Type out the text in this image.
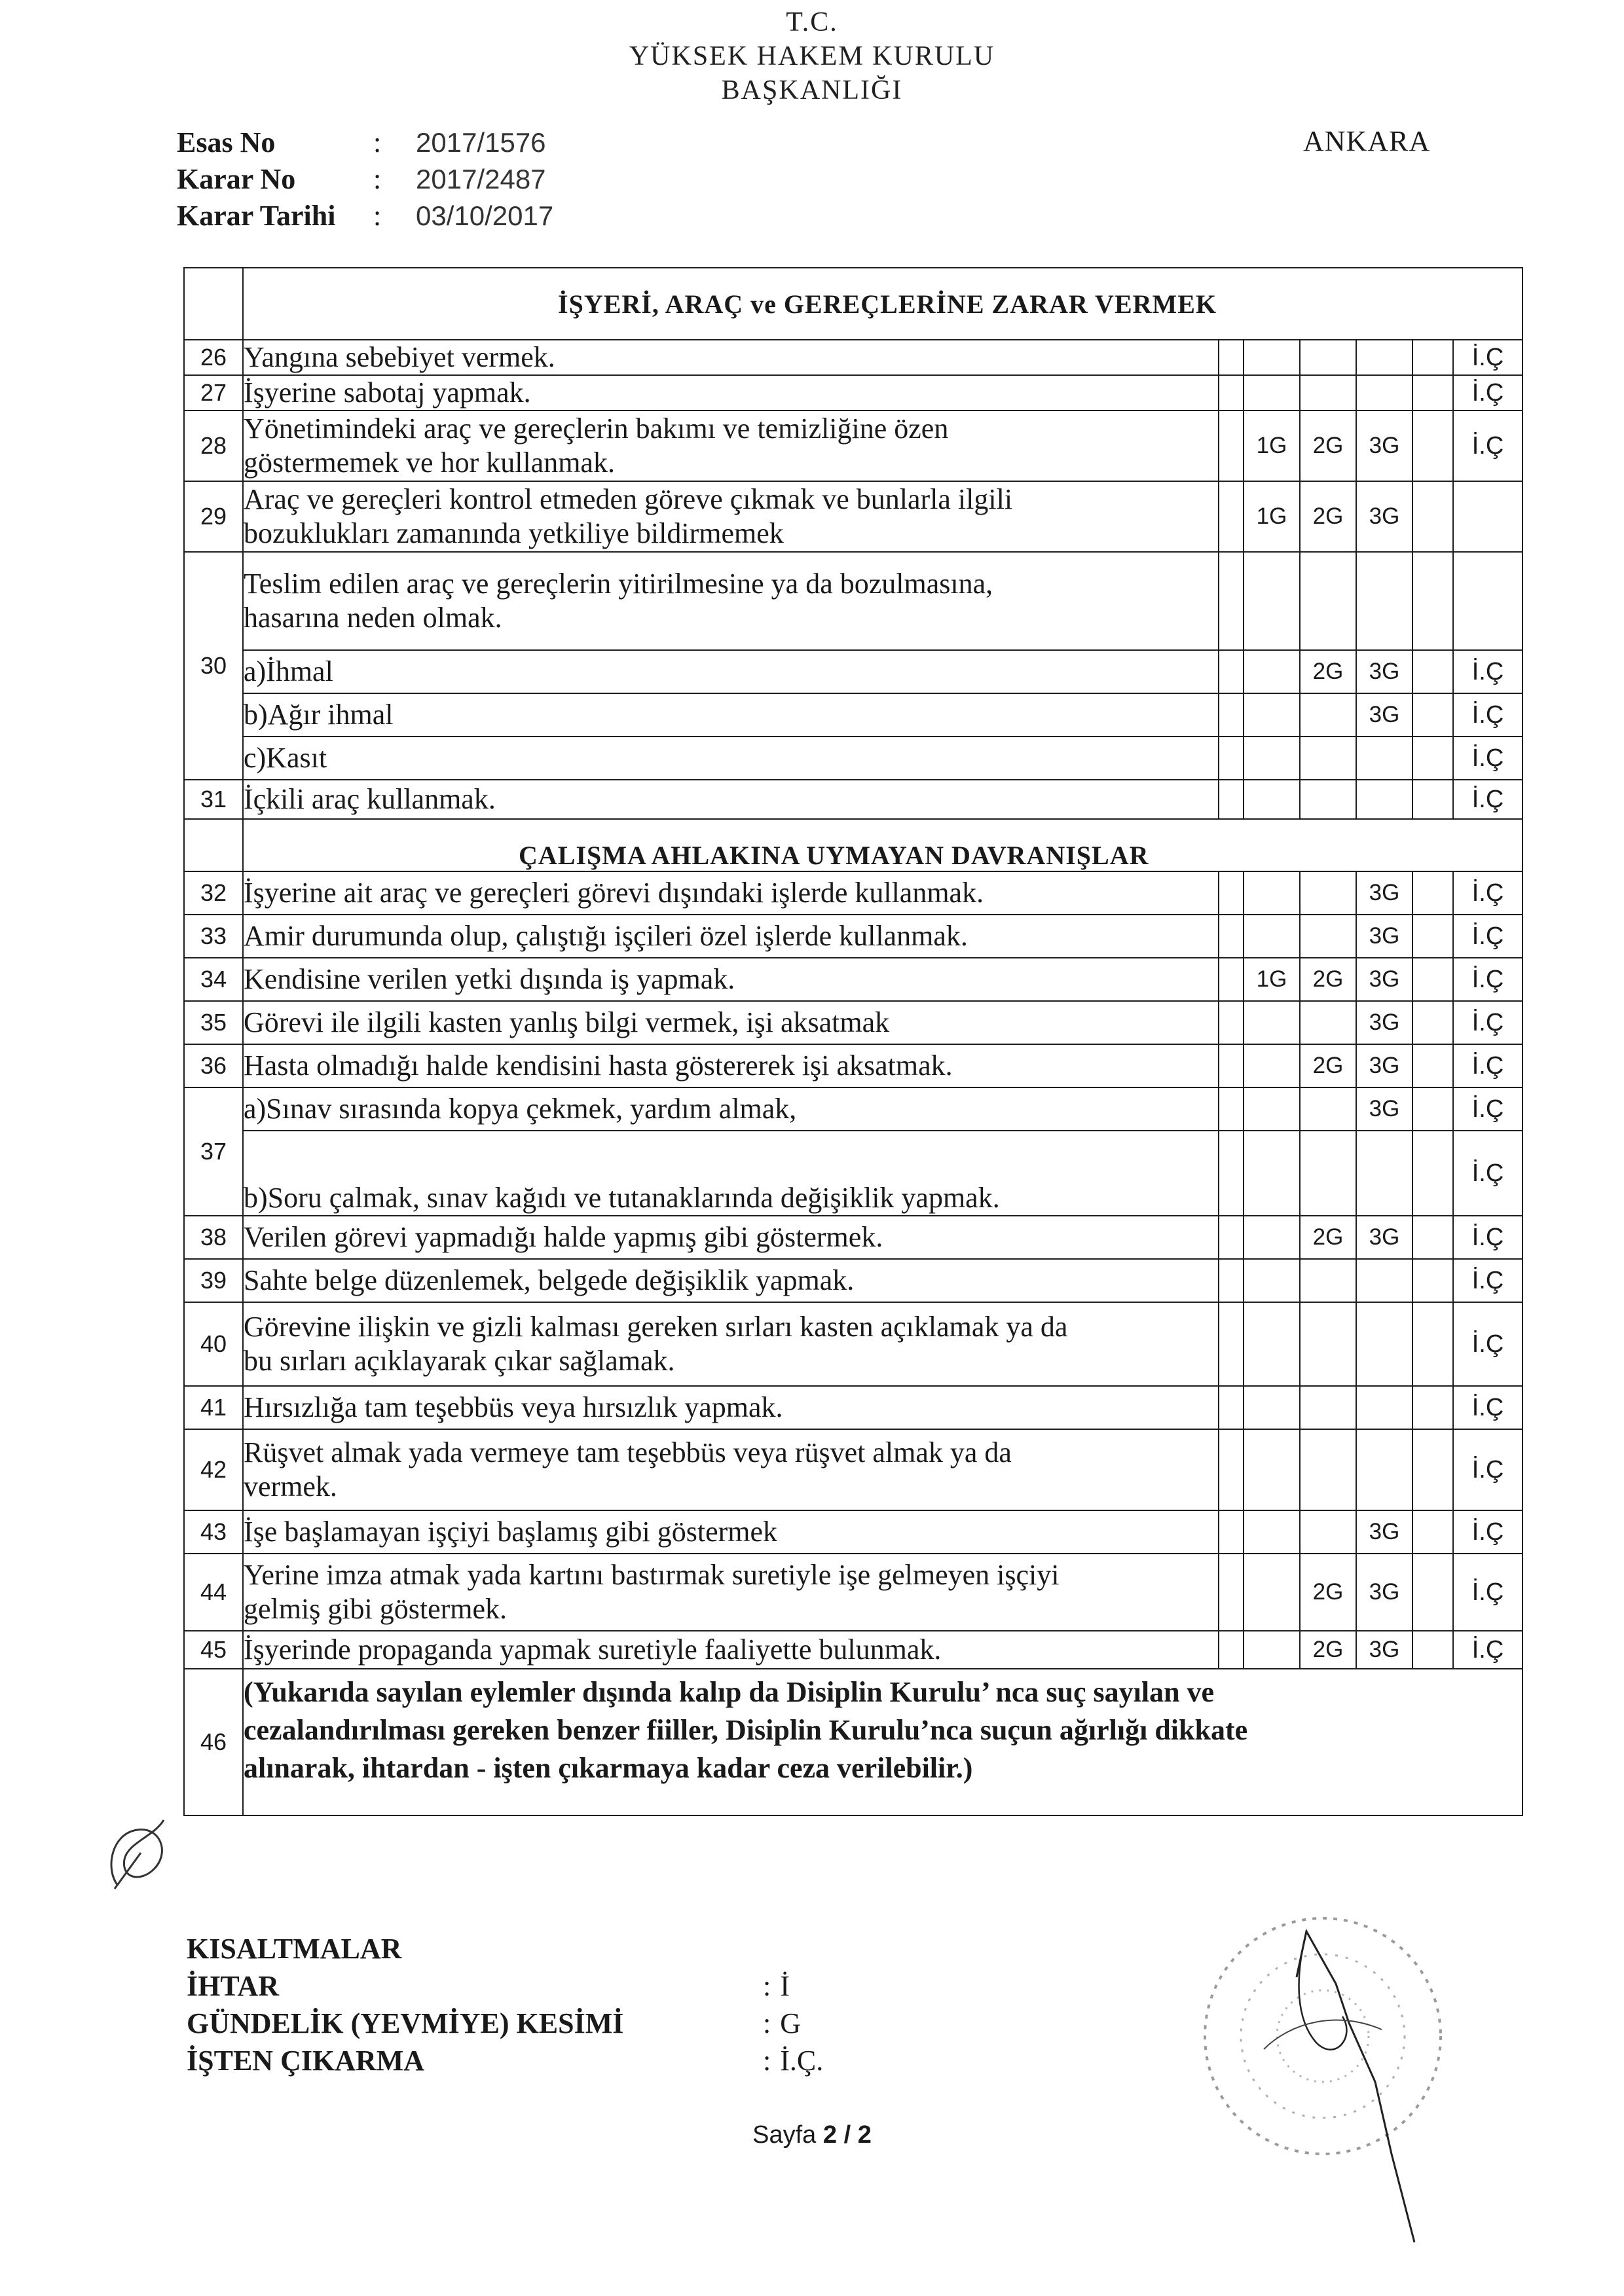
T.C.
YÜKSEK HAKEM KURULU
BAŞKANLIĞI
ANKARA
Esas No	:	2017/1576
Karar No	:	2017/2487
Karar Tarihi	:	03/10/2017
	İŞYERİ, ARAÇ ve GEREÇLERİNE ZARAR VERMEK						
26	Yangına sebebiyet vermek.						İ.Ç
27	İşyerine sabotaj yapmak.						İ.Ç
28	Yönetimindeki araç ve gereçlerin bakımı ve temizliğine özen
göstermemek ve hor kullanmak.		1G	2G	3G		İ.Ç
29	Araç ve gereçleri kontrol etmeden göreve çıkmak ve bunlarla ilgili
bozuklukları zamanında yetkiliye bildirmemek		1G	2G	3G		
30	Teslim edilen araç ve gereçlerin yitirilmesine ya da bozulmasına,
hasarına neden olmak.						

	a)İhmal			2G	3G		İ.Ç
	b)Ağır ihmal				3G		İ.Ç
	c)Kasıt						İ.Ç
31	İçkili araç kullanmak.						İ.Ç
	ÇALIŞMA AHLAKINA UYMAYAN DAVRANIŞLAR						
32	İşyerine ait araç ve gereçleri görevi dışındaki işlerde kullanmak.				3G		İ.Ç
33	Amir durumunda olup, çalıştığı işçileri özel işlerde kullanmak.				3G		İ.Ç
34	Kendisine verilen yetki dışında iş yapmak.		1G	2G	3G		İ.Ç
35	Görevi ile ilgili kasten yanlış bilgi vermek, işi aksatmak				3G		İ.Ç
36	Hasta olmadığı halde kendisini hasta göstererek işi aksatmak.			2G	3G		İ.Ç
37	a)Sınav sırasında kopya çekmek, yardım almak,				3G		İ.Ç
	b)Soru çalmak, sınav kağıdı ve tutanaklarında değişiklik yapmak.						İ.Ç
38	Verilen görevi yapmadığı halde yapmış gibi göstermek.			2G	3G		İ.Ç
39	Sahte belge düzenlemek, belgede değişiklik yapmak.						İ.Ç
40	Görevine ilişkin ve gizli kalması gereken sırları kasten açıklamak ya da
bu sırları açıklayarak çıkar sağlamak.						İ.Ç
41	Hırsızlığa tam teşebbüs veya hırsızlık yapmak.						İ.Ç
42	Rüşvet almak yada vermeye tam teşebbüs veya rüşvet almak ya da
vermek.						İ.Ç
43	İşe başlamayan işçiyi başlamış gibi göstermek				3G		İ.Ç
44	Yerine imza atmak yada kartını bastırmak suretiyle işe gelmeyen işçiyi
gelmiş gibi göstermek.			2G	3G		İ.Ç
45	İşyerinde propaganda yapmak suretiyle faaliyette bulunmak.			2G	3G		İ.Ç
46	(Yukarıda sayılan eylemler dışında kalıp da Disiplin Kurulu’ nca suç sayılan ve
cezalandırılması gereken benzer fiiller, Disiplin Kurulu’nca suçun ağırlığı dikkate
alınarak, ihtardan - işten çıkarmaya kadar ceza verilebilir.)						
KISALTMALAR
İHTAR	: İ
GÜNDELİK (YEVMİYE) KESİMİ	: G
İŞTEN ÇIKARMA	: İ.Ç.
Sayfa 2 / 2
